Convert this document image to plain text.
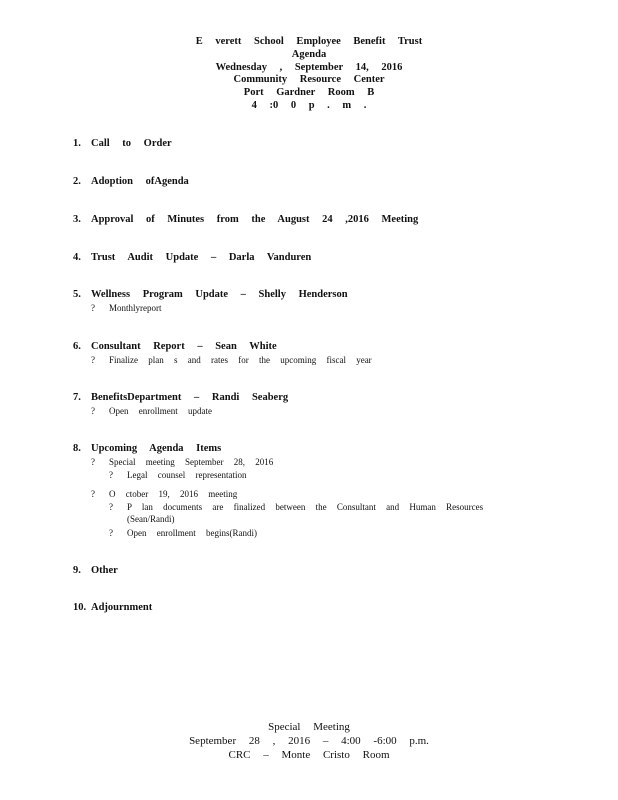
E verett School Employee Benefit Trust
Agenda
Wednesday , September 14, 2016
Community Resource Center
Port Gardner Room B
4 :0 0 p . m .
1. Call to Order
2. Adoption ofAgenda
3. Approval of Minutes from the August 24 ,2016 Meeting
4. Trust Audit Update – Darla Vanduren
5. Wellness Program Update – Shelly Henderson
? Monthlyreport
6. Consultant Report – Sean White
? Finalize plan s and rates for the upcoming fiscal year
7. BenefitsDepartment – Randi Seaberg
? Open enrollment update
8. Upcoming Agenda Items
? Special meeting September 28, 2016
? Legal counsel representation
? O ctober 19, 2016 meeting
? P lan documents are finalized between the Consultant and Human Resources
(Sean/Randi)
? Open enrollment begins(Randi)
9. Other
10. Adjournment
Special Meeting
September 28 , 2016 – 4:00 -6:00 p.m.
CRC – Monte Cristo Room
